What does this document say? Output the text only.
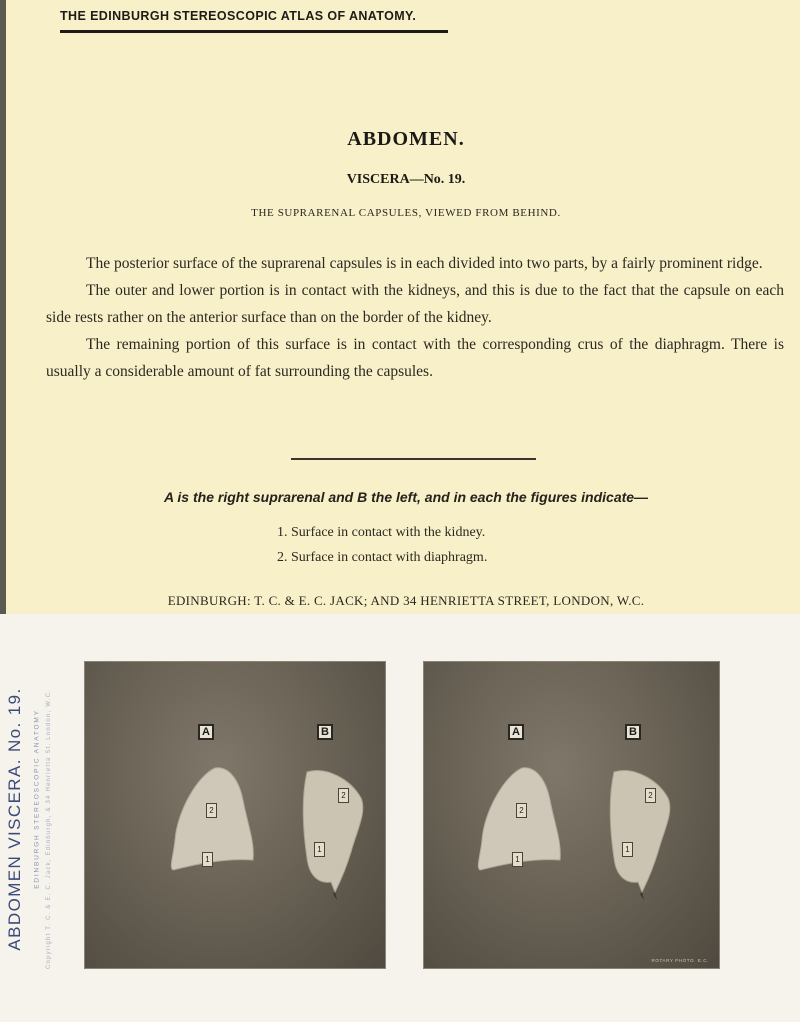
THE EDINBURGH STEREOSCOPIC ATLAS OF ANATOMY.
ABDOMEN.
VISCERA—No. 19.
THE SUPRARENAL CAPSULES, VIEWED FROM BEHIND.

The posterior surface of the suprarenal capsules is in each divided into two parts, by a fairly prominent ridge.

The outer and lower portion is in contact with the kidneys, and this is due to the fact that the capsule on each side rests rather on the anterior surface than on the border of the kidney.

The remaining portion of this surface is in contact with the corresponding crus of the diaphragm. There is usually a considerable amount of fat surrounding the capsules.

A is the right suprarenal and B the left, and in each the figures indicate—
1. Surface in contact with the kidney.
2. Surface in contact with diaphragm.
EDINBURGH: T. C. & E. C. JACK; AND 34 HENRIETTA STREET, LONDON, W.C.
ABDOMEN VISCERA. No. 19. EDINBURGH STEREOSCOPIC ANATOMY Copyright T. C. & E. C. Jack, Edinburgh, & 34 Henrietta St. London, W.C.	A	B
2
1
2
1
A	B
2
1
2
1
ROTARY PHOTO. E.C.
